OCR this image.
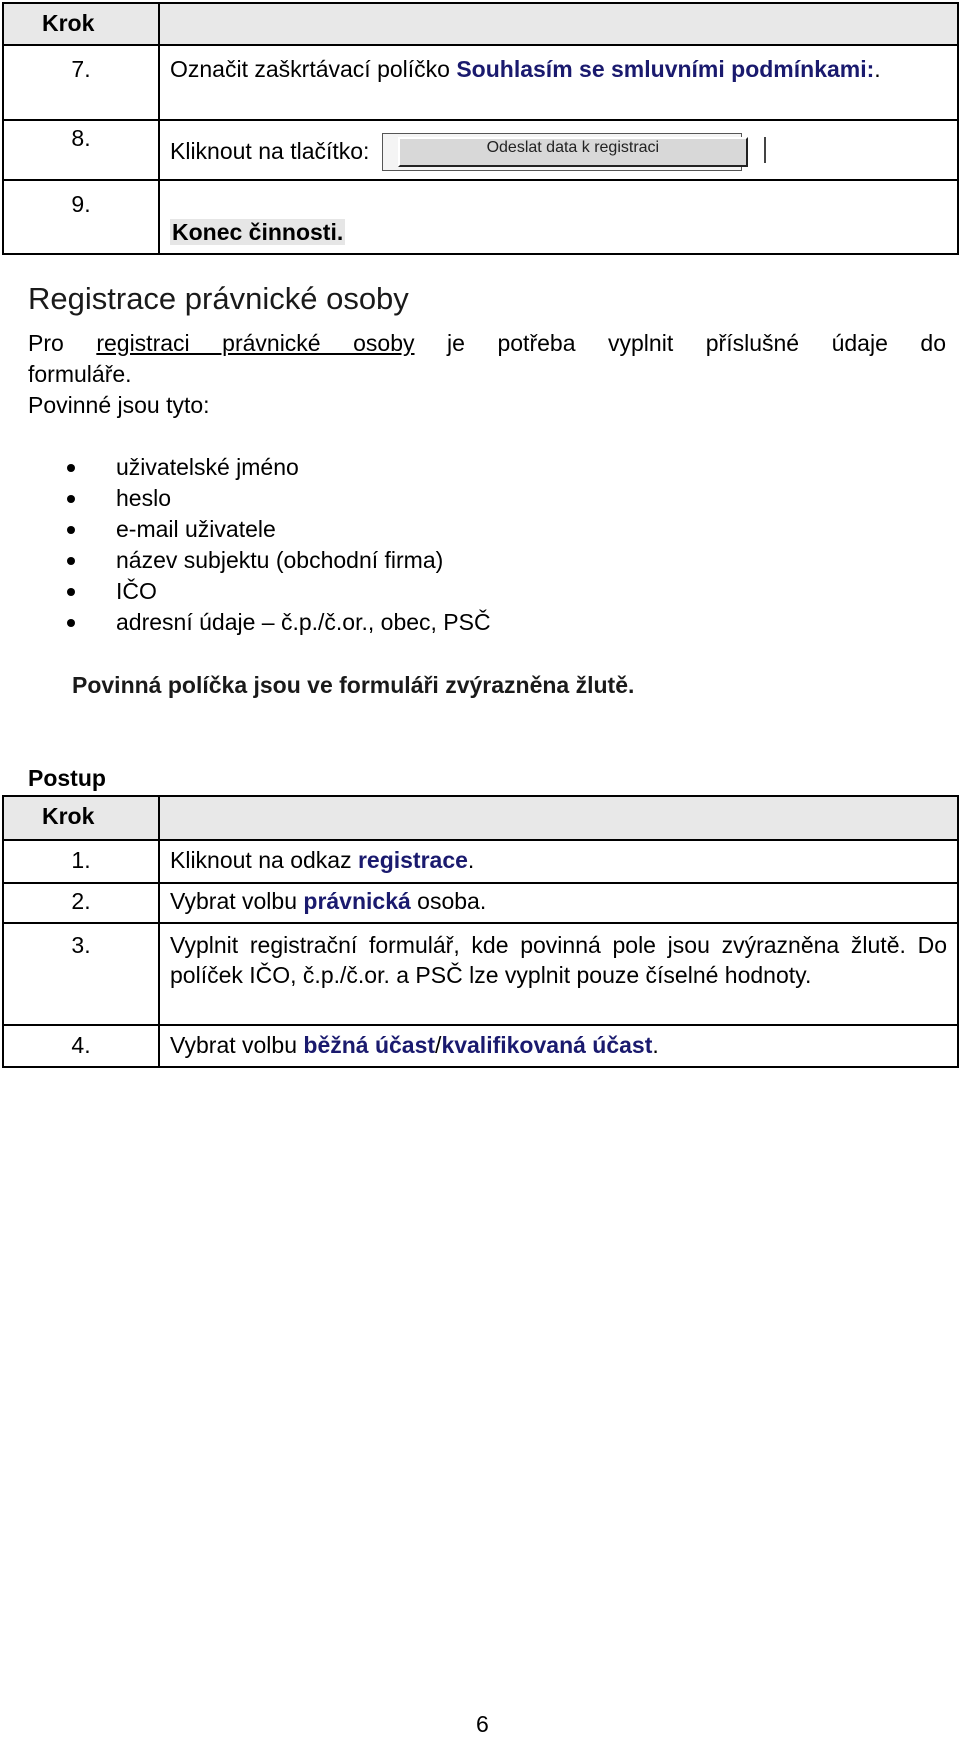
Krok	
7.	Označit zaškrtávací políčko Souhlasím se smluvními podmínkami:.
8.	Kliknout na tlačítko: Odeslat data k registraci

9.	Konec činnosti.
Registrace právnické osoby
Pro registraci právnické osoby je potřeba vyplnit příslušné údaje do
formuláře.
Povinné jsou tyto:
uživatelské jméno
heslo
e-mail uživatele
název subjektu (obchodní firma)
IČO
adresní údaje – č.p./č.or., obec, PSČ
Povinná políčka jsou ve formuláři zvýrazněna žlutě.
Postup
Krok	
1.	Kliknout na odkaz registrace.
2.	Vybrat volbu právnická osoba.
3.	Vyplnit registrační formulář, kde povinná pole jsou zvýrazněna žlutě. Do políček IČO, č.p./č.or. a PSČ lze vyplnit pouze číselné hodnoty.
4.	Vybrat volbu běžná účast/kvalifikovaná účast.
6
